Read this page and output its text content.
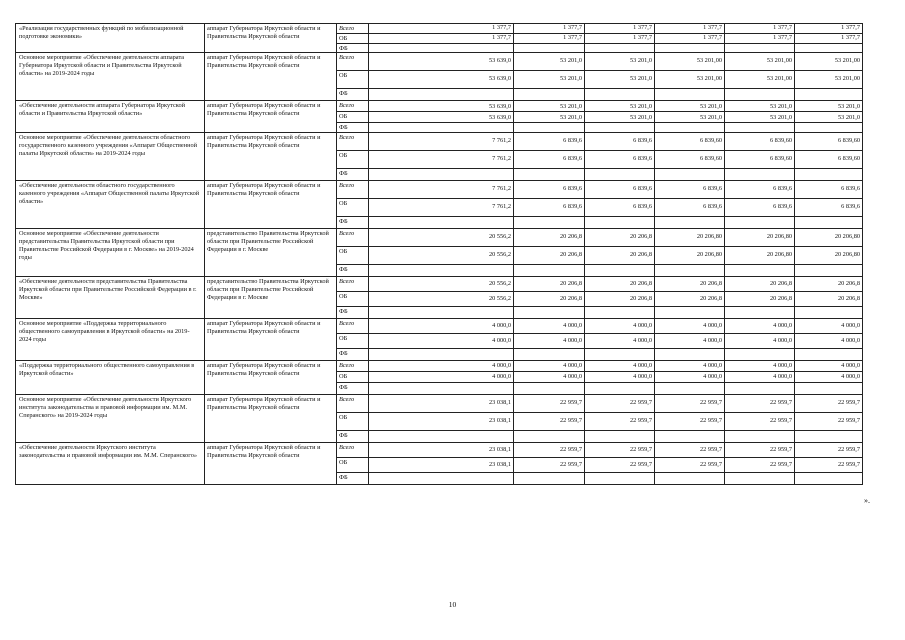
«Реализация государственных функций по мобилизационной подготовке экономики»	аппарат Губернатора Иркутской области и Правительства Иркутской области	Всего	1 377,7	1 377,7	1 377,7	1 377,7	1 377,7	1 377,7
		ОБ	1 377,7	1 377,7	1 377,7	1 377,7	1 377,7	1 377,7
		ФБ						
Основное мероприятие «Обеспечение деятельности аппарата Губернатора Иркутской области и Правительства Иркутской области» на 2019-2024 годы	аппарат Губернатора Иркутской области и Правительства Иркутской области	Всего	53 639,0	53 201,0	53 201,0	53 201,00	53 201,00	53 201,00
		ОБ	53 639,0	53 201,0	53 201,0	53 201,00	53 201,00	53 201,00
		ФБ						
«Обеспечение деятельности аппарата Губернатора Иркутской области и Правительства Иркутской области»	аппарат Губернатора Иркутской области и Правительства Иркутской области	Всего	53 639,0	53 201,0	53 201,0	53 201,0	53 201,0	53 201,0
		ОБ	53 639,0	53 201,0	53 201,0	53 201,0	53 201,0	53 201,0
		ФБ						
Основное мероприятие «Обеспечение деятельности областного государственного казенного учреждения «Аппарат Общественной палаты Иркутской области» на 2019-2024 годы	аппарат Губернатора Иркутской области и Правительства Иркутской области	Всего	7 761,2	6 839,6	6 839,6	6 839,60	6 839,60	6 839,60
		ОБ	7 761,2	6 839,6	6 839,6	6 839,60	6 839,60	6 839,60
		ФБ						
«Обеспечение деятельности областного государственного казенного учреждения «Аппарат Общественной палаты Иркутской области»	аппарат Губернатора Иркутской области и Правительства Иркутской области	Всего	7 761,2	6 839,6	6 839,6	6 839,6	6 839,6	6 839,6
		ОБ	7 761,2	6 839,6	6 839,6	6 839,6	6 839,6	6 839,6
		ФБ						
Основное мероприятие «Обеспечение деятельности представительства Правительства Иркутской области при Правительстве Российской Федерации в г. Москве» на 2019-2024 годы	представительство Правительства Иркутской области при Правительстве Российской Федерации в г. Москве	Всего	20 556,2	20 206,8	20 206,8	20 206,80	20 206,80	20 206,80
		ОБ	20 556,2	20 206,8	20 206,8	20 206,80	20 206,80	20 206,80
		ФБ						
«Обеспечение деятельности представительства Правительства Иркутской области при Правительстве Российской Федерации в г. Москве»	представительство Правительства Иркутской области при Правительстве Российской Федерации в г. Москве	Всего	20 556,2	20 206,8	20 206,8	20 206,8	20 206,8	20 206,8
		ОБ	20 556,2	20 206,8	20 206,8	20 206,8	20 206,8	20 206,8
		ФБ						
Основное мероприятие «Поддержка территориального общественного самоуправления в Иркутской области» на 2019-2024 годы	аппарат Губернатора Иркутской области и Правительства Иркутской области	Всего	4 000,0	4 000,0	4 000,0	4 000,0	4 000,0	4 000,0
		ОБ	4 000,0	4 000,0	4 000,0	4 000,0	4 000,0	4 000,0
		ФБ						
«Поддержка территориального общественного самоуправления в Иркутской области»	аппарат Губернатора Иркутской области и Правительства Иркутской области	Всего	4 000,0	4 000,0	4 000,0	4 000,0	4 000,0	4 000,0
		ОБ	4 000,0	4 000,0	4 000,0	4 000,0	4 000,0	4 000,0
		ФБ						
Основное мероприятие «Обеспечение деятельности Иркутского института законодательства и правовой информации им. М.М. Сперанского» на 2019-2024 годы	аппарат Губернатора Иркутской области и Правительства Иркутской области	Всего	23 038,1	22 959,7	22 959,7	22 959,7	22 959,7	22 959,7
		ОБ	23 038,1	22 959,7	22 959,7	22 959,7	22 959,7	22 959,7
		ФБ						
«Обеспечение деятельности Иркутского института законодательства и правовой информации им. М.М. Сперанского»	аппарат Губернатора Иркутской области и Правительства Иркутской области	Всего	23 038,1	22 959,7	22 959,7	22 959,7	22 959,7	22 959,7
		ОБ	23 038,1	22 959,7	22 959,7	22 959,7	22 959,7	22 959,7
		ФБ						
».
10
